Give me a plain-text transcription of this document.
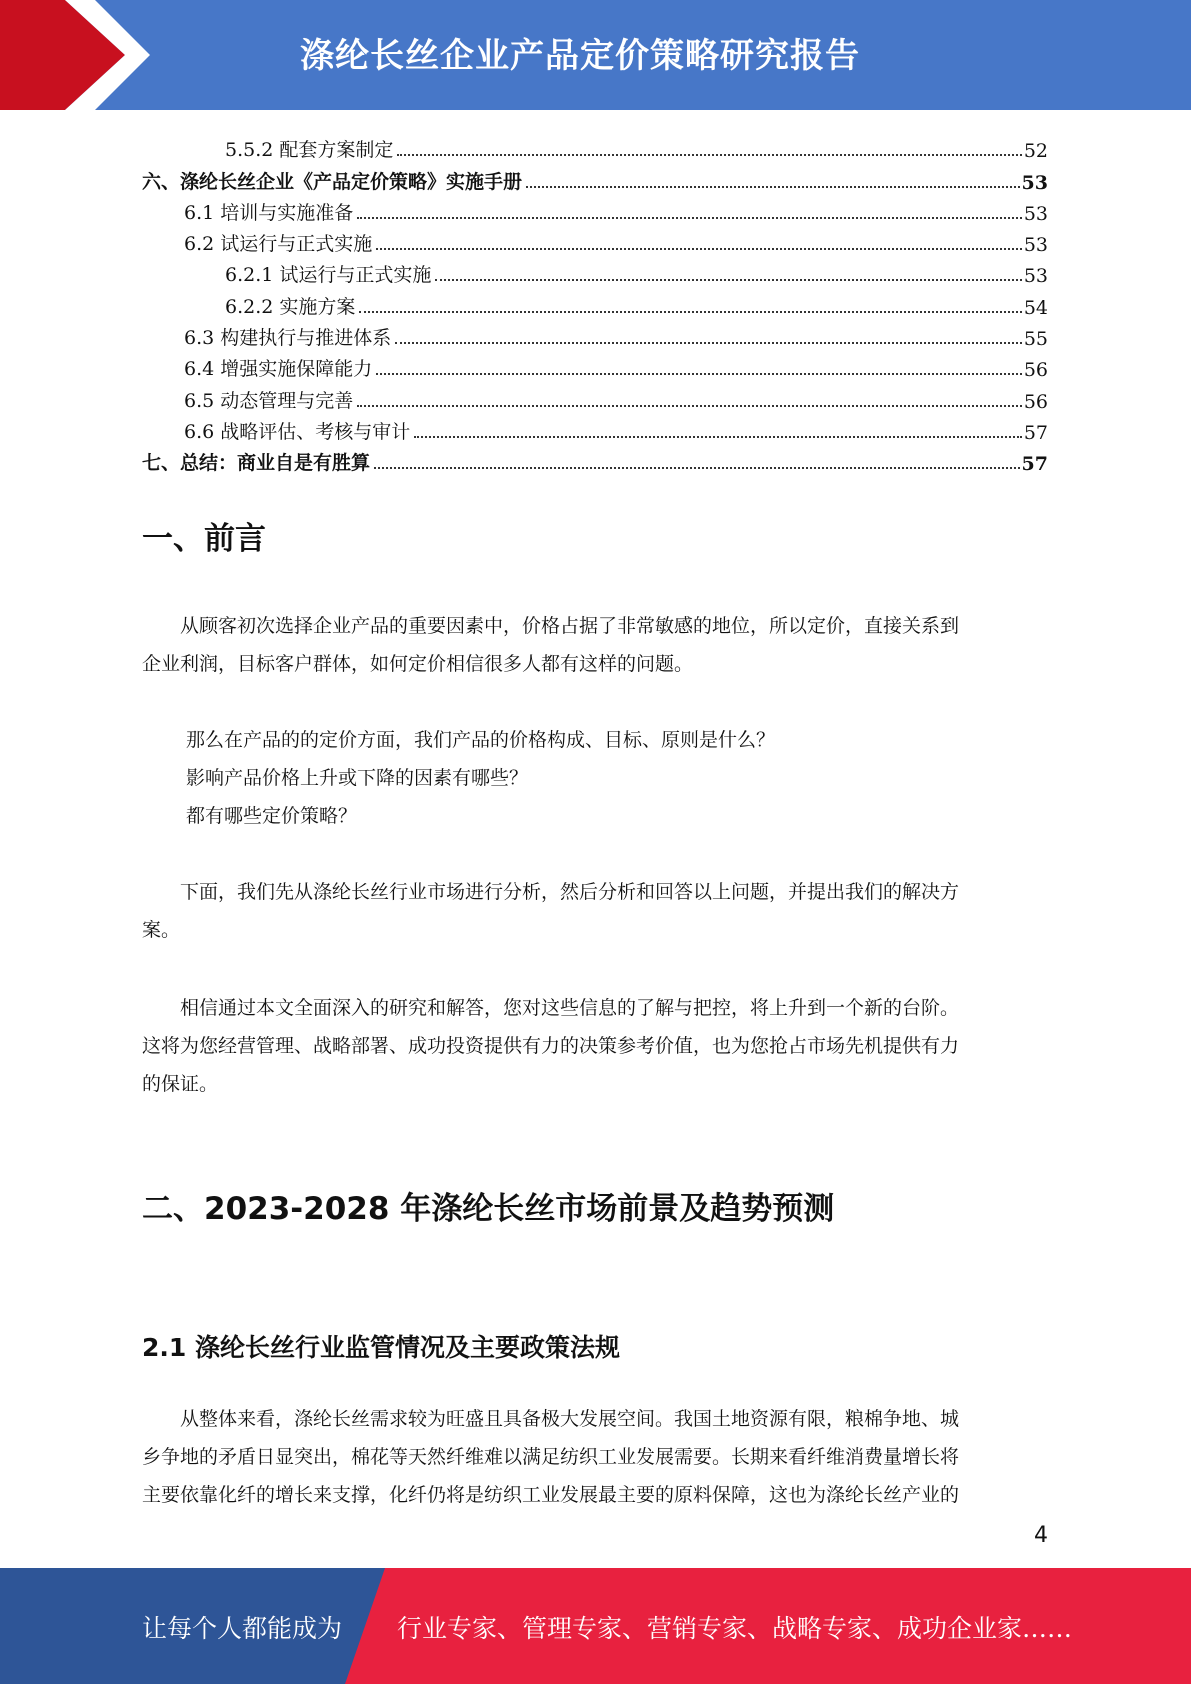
涤纶长丝企业产品定价策略研究报告
5.5.2 配套方案制定	52
六、涤纶长丝企业《产品定价策略》实施手册	53
6.1 培训与实施准备	53
6.2 试运行与正式实施	53
6.2.1 试运行与正式实施	53
6.2.2 实施方案	54
6.3 构建执行与推进体系	55
6.4 增强实施保障能力	56
6.5 动态管理与完善	56
6.6 战略评估、考核与审计	57
七、总结：商业自是有胜算	57
一、前言
从顾客初次选择企业产品的重要因素中，价格占据了非常敏感的地位，所以定价，直接关系到
企业利润，目标客户群体，如何定价相信很多人都有这样的问题。
那么在产品的的定价方面，我们产品的价格构成、目标、原则是什么？
影响产品价格上升或下降的因素有哪些？
都有哪些定价策略？
下面，我们先从涤纶长丝行业市场进行分析，然后分析和回答以上问题，并提出我们的解决方
案。
相信通过本文全面深入的研究和解答，您对这些信息的了解与把控，将上升到一个新的台阶。
这将为您经营管理、战略部署、成功投资提供有力的决策参考价值，也为您抢占市场先机提供有力
的保证。
二、2023-2028 年涤纶长丝市场前景及趋势预测
2.1 涤纶长丝行业监管情况及主要政策法规
从整体来看，涤纶长丝需求较为旺盛且具备极大发展空间。我国土地资源有限，粮棉争地、城
乡争地的矛盾日显突出，棉花等天然纤维难以满足纺织工业发展需要。长期来看纤维消费量增长将
主要依靠化纤的增长来支撑，化纤仍将是纺织工业发展最主要的原料保障，这也为涤纶长丝产业的
4
让每个人都能成为 行业专家、管理专家、营销专家、战略专家、成功企业家……
